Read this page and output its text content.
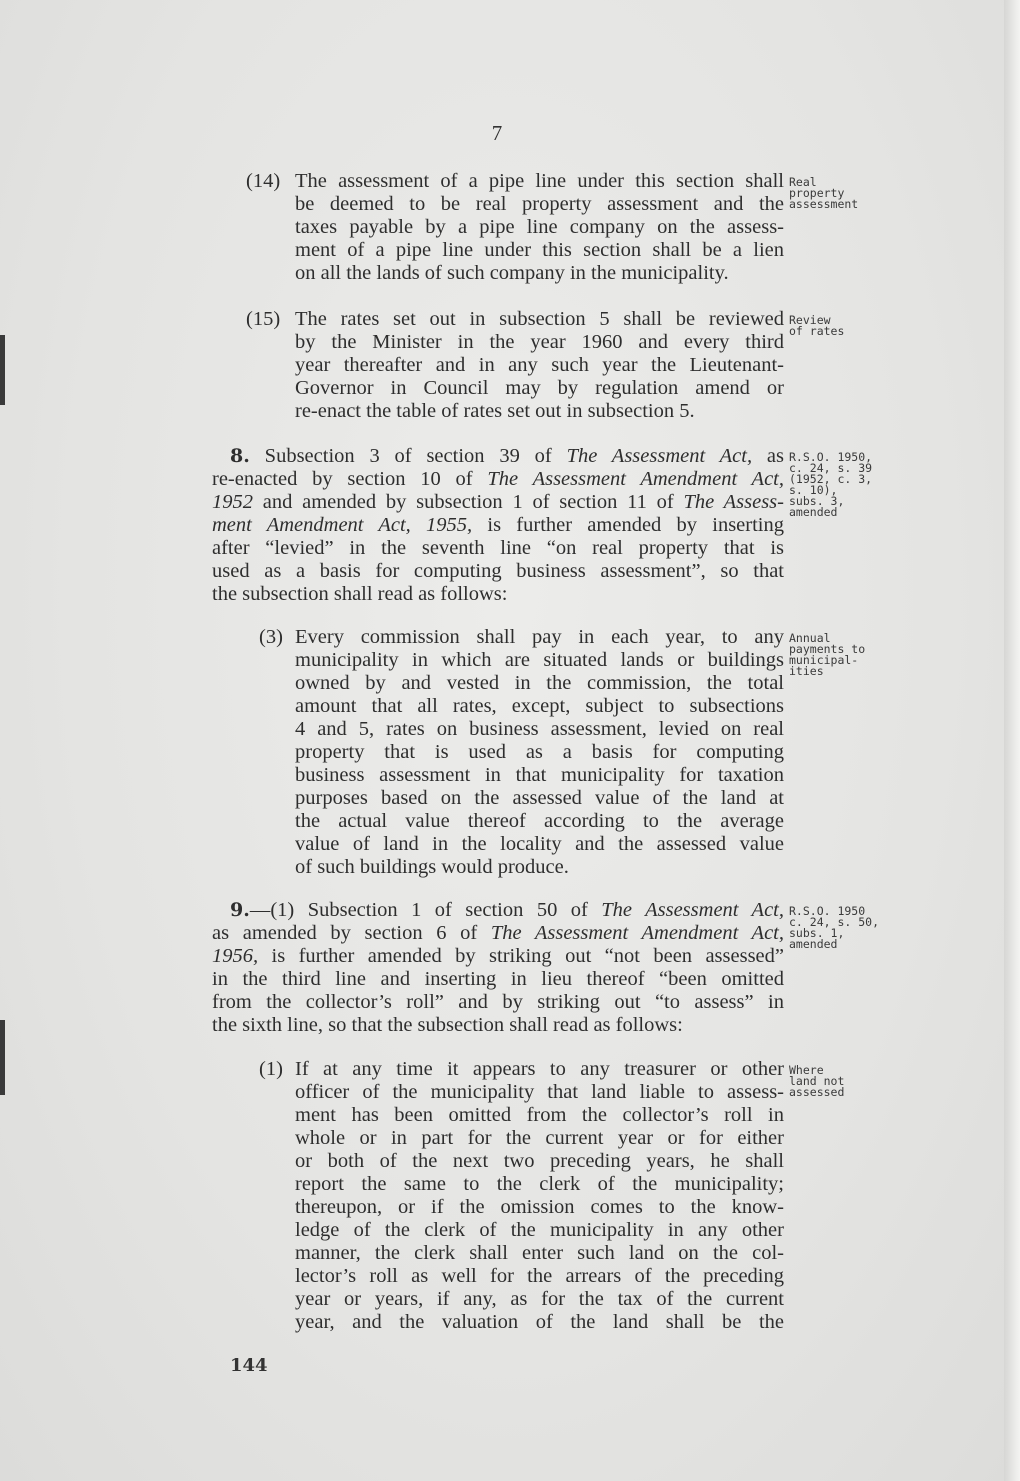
7
(14) The assessment of a pipe line under this section shall
be deemed to be real property assessment and the
taxes payable by a pipe line company on the assess-
ment of a pipe line under this section shall be a lien
on all the lands of such company in the municipality.
Real
property
assessment
(15) The rates set out in subsection 5 shall be reviewed
by the Minister in the year 1960 and every third
year thereafter and in any such year the Lieutenant-
Governor in Council may by regulation amend or
re-enact the table of rates set out in subsection 5.
Review
of rates
8. Subsection 3 of section 39 of The Assessment Act, as
re-enacted by section 10 of The Assessment Amendment Act,
1952 and amended by subsection 1 of section 11 of The Assess-
ment Amendment Act, 1955, is further amended by inserting
after “levied” in the seventh line “on real property that is
used as a basis for computing business assessment”, so that
the subsection shall read as follows:
R.S.O. 1950,
c. 24, s. 39
(1952, c. 3,
s. 10),
subs. 3,
amended
(3) Every commission shall pay in each year, to any
municipality in which are situated lands or buildings
owned by and vested in the commission, the total
amount that all rates, except, subject to subsections
4 and 5, rates on business assessment, levied on real
property that is used as a basis for computing
business assessment in that municipality for taxation
purposes based on the assessed value of the land at
the actual value thereof according to the average
value of land in the locality and the assessed value
of such buildings would produce.
Annual
payments to
municipal-
ities
9.—(1) Subsection 1 of section 50 of The Assessment Act,
as amended by section 6 of The Assessment Amendment Act,
1956, is further amended by striking out “not been assessed”
in the third line and inserting in lieu thereof “been omitted
from the collector’s roll” and by striking out “to assess” in
the sixth line, so that the subsection shall read as follows:
R.S.O. 1950
c. 24, s. 50,
subs. 1,
amended
(1) If at any time it appears to any treasurer or other
officer of the municipality that land liable to assess-
ment has been omitted from the collector’s roll in
whole or in part for the current year or for either
or both of the next two preceding years, he shall
report the same to the clerk of the municipality;
thereupon, or if the omission comes to the know-
ledge of the clerk of the municipality in any other
manner, the clerk shall enter such land on the col-
lector’s roll as well for the arrears of the preceding
year or years, if any, as for the tax of the current
year, and the valuation of the land shall be the
Where
land not
assessed
144
